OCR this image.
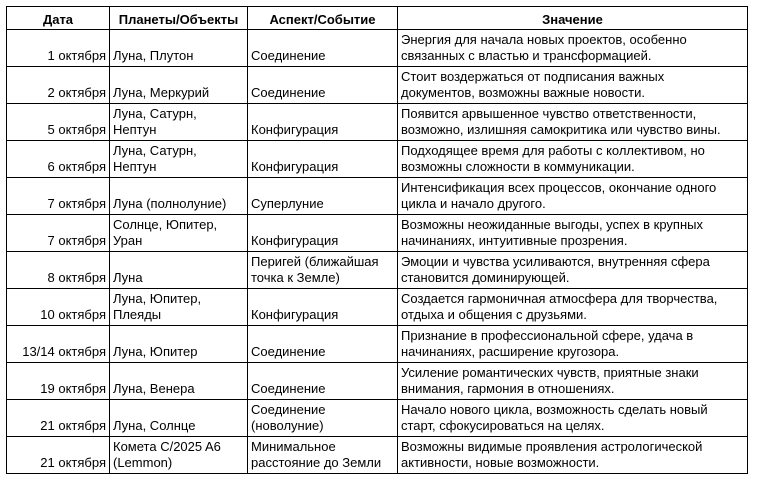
Дата	Планеты/Объекты	Аспект/Событие	Значение
1 октября	Луна, Плутон	Соединение	Энергия для начала новых проектов, особенно
связанных с властью и трансформацией.
2 октября	Луна, Меркурий	Соединение	Стоит воздержаться от подписания важных
документов, возможны важные новости.
5 октября	Луна, Сатурн,
Нептун	Конфигурация	Появится арвышенное чувство ответственности,
возможно, излишняя самокритика или чувство вины.
6 октября	Луна, Сатурн,
Нептун	Конфигурация	Подходящее время для работы с коллективом, но
возможны сложности в коммуникации.
7 октября	Луна (полнолуние)	Суперлуние	Интенсификация всех процессов, окончание одного
цикла и начало другого.
7 октября	Солнце, Юпитер,
Уран	Конфигурация	Возможны неожиданные выгоды, успех в крупных
начинаниях, интуитивные прозрения.
8 октября	Луна	Перигей (ближайшая
точка к Земле)	Эмоции и чувства усиливаются, внутренняя сфера
становится доминирующей.
10 октября	Луна, Юпитер,
Плеяды	Конфигурация	Создается гармоничная атмосфера для творчества,
отдыха и общения с друзьями.
13/14 октября	Луна, Юпитер	Соединение	Признание в профессиональной сфере, удача в
начинаниях, расширение кругозора.
19 октября	Луна, Венера	Соединение	Усиление романтических чувств, приятные знаки
внимания, гармония в отношениях.
21 октября	Луна, Солнце	Соединение
(новолуние)	Начало нового цикла, возможность сделать новый
старт, сфокусироваться на целях.
21 октября	Комета C/2025 A6
(Lemmon)	Минимальное
расстояние до Земли	Возможны видимые проявления астрологической
активности, новые возможности.
